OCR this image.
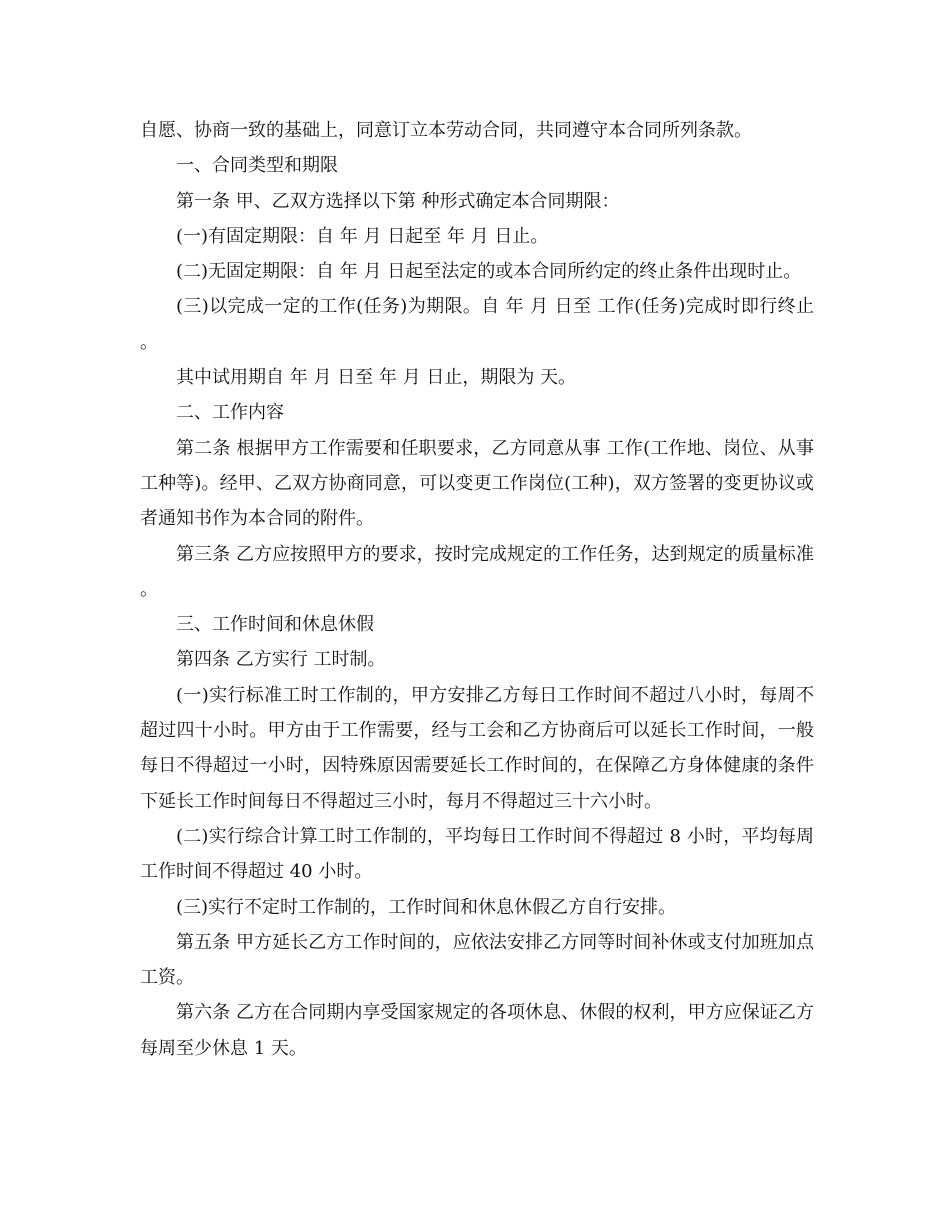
自愿、协商一致的基础上，同意订立本劳动合同，共同遵守本合同所列条款。

一、合同类型和期限

第一条 甲、乙双方选择以下第 种形式确定本合同期限：

(一)有固定期限：自 年 月 日起至 年 月 日止。

(二)无固定期限：自 年 月 日起至法定的或本合同所约定的终止条件出现时止。

(三)以完成一定的工作(任务)为期限。自 年 月 日至 工作(任务)完成时即行终止。

其中试用期自 年 月 日至 年 月 日止，期限为 天。

二、工作内容

第二条 根据甲方工作需要和任职要求，乙方同意从事 工作(工作地、岗位、从事工种等)。经甲、乙双方协商同意，可以变更工作岗位(工种)，双方签署的变更协议或者通知书作为本合同的附件。

第三条 乙方应按照甲方的要求，按时完成规定的工作任务，达到规定的质量标准。

三、工作时间和休息休假

第四条 乙方实行 工时制。

(一)实行标准工时工作制的，甲方安排乙方每日工作时间不超过八小时，每周不超过四十小时。甲方由于工作需要，经与工会和乙方协商后可以延长工作时间，一般每日不得超过一小时，因特殊原因需要延长工作时间的，在保障乙方身体健康的条件下延长工作时间每日不得超过三小时，每月不得超过三十六小时。

(二)实行综合计算工时工作制的，平均每日工作时间不得超过 8 小时，平均每周工作时间不得超过 40 小时。

(三)实行不定时工作制的，工作时间和休息休假乙方自行安排。

第五条 甲方延长乙方工作时间的，应依法安排乙方同等时间补休或支付加班加点工资。

第六条 乙方在合同期内享受国家规定的各项休息、休假的权利，甲方应保证乙方每周至少休息 1 天。
